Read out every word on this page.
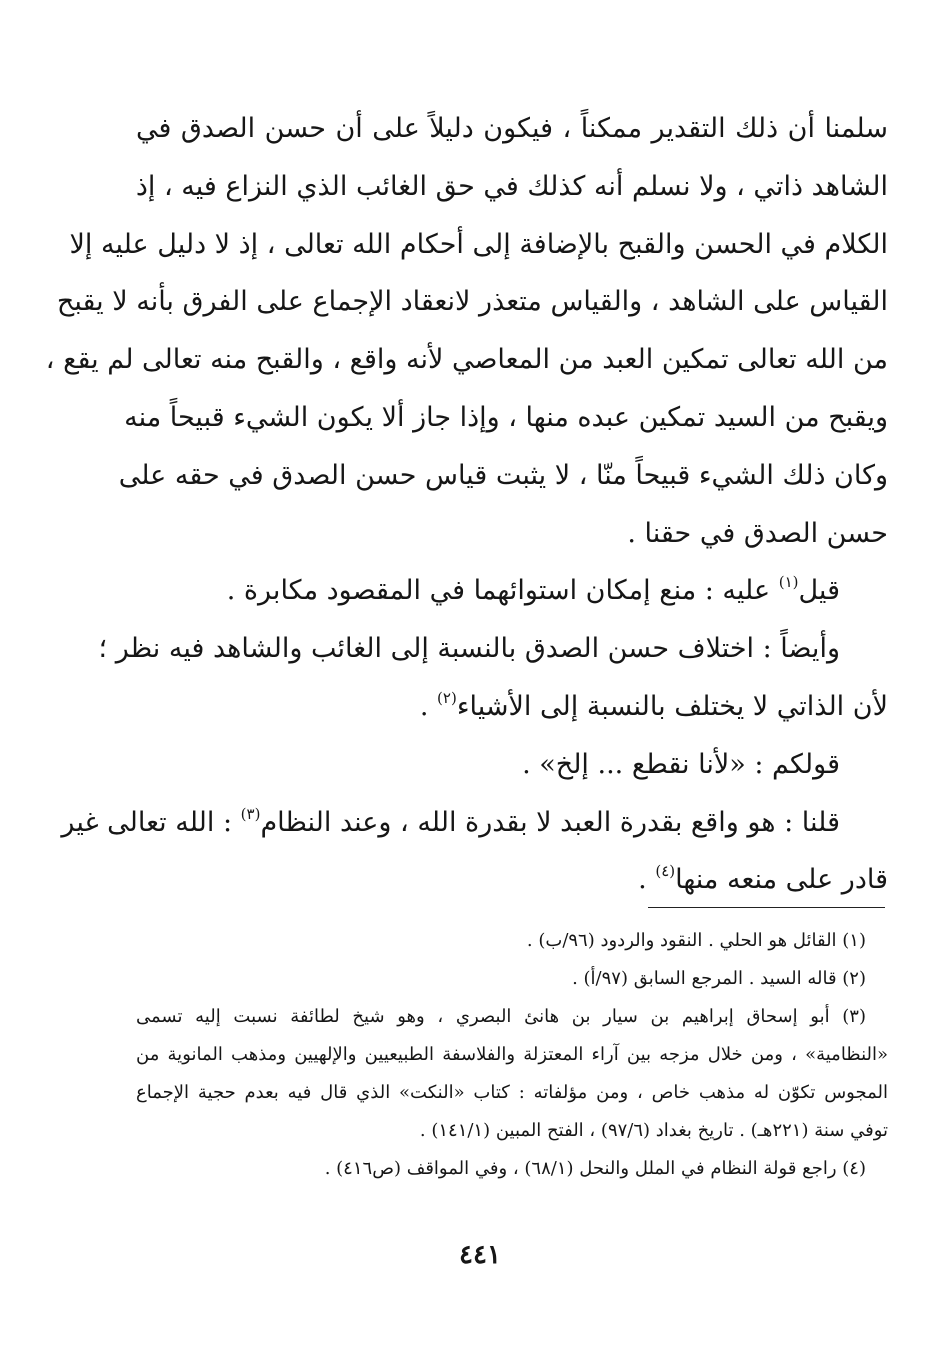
سلمنا أن ذلك التقدير ممكناً ، فيكون دليلاً على أن حسن الصدق في
الشاهد ذاتي ، ولا نسلم أنه كذلك في حق الغائب الذي النزاع فيه ، إذ
الكلام في الحسن والقبح بالإضافة إلى أحكام الله تعالى ، إذ لا دليل عليه إلا
القياس على الشاهد ، والقياس متعذر لانعقاد الإجماع على الفرق بأنه لا يقبح
من الله تعالى تمكين العبد من المعاصي لأنه واقع ، والقبح منه تعالى لم يقع ،
ويقبح من السيد تمكين عبده منها ، وإذا جاز ألا يكون الشيء قبيحاً منه
وكان ذلك الشيء قبيحاً منّا ، لا يثبت قياس حسن الصدق في حقه على
حسن الصدق في حقنا .
قيل$^{(١)}$ عليه : منع إمكان استوائهما في المقصود مكابرة .
وأيضاً : اختلاف حسن الصدق بالنسبة إلى الغائب والشاهد فيه نظر ؛
لأن الذاتي لا يختلف بالنسبة إلى الأشياء$^{(٢)}$ .
قولكم : «لأنا نقطع ... إلخ» .
قلنا : هو واقع بقدرة العبد لا بقدرة الله ، وعند النظام$^{(٣)}$ : الله تعالى غير
قادر على منعه منها$^{(٤)}$ .
(١) القائل هو الحلي . النقود والردود (٩٦/ب) .
(٢) قاله السيد . المرجع السابق (٩٧/أ) .
(٣) أبو إسحاق إبراهيم بن سيار بن هانئ البصري ، وهو شيخ لطائفة نسبت إليه تسمى
«النظامية» ، ومن خلال مزجه بين آراء المعتزلة والفلاسفة الطبيعيين والإلهيين ومذهب المانوية من
المجوس تكوّن له مذهب خاص ، ومن مؤلفاته : كتاب «النكت» الذي قال فيه بعدم حجية الإجماع
توفي سنة (٢٢١هـ) . تاريخ بغداد (٩٧/٦) ، الفتح المبين (١٤١/١) .
(٤) راجع قولة النظام في الملل والنحل (٦٨/١) ، وفي المواقف (ص٤١٦) .
٤٤١
